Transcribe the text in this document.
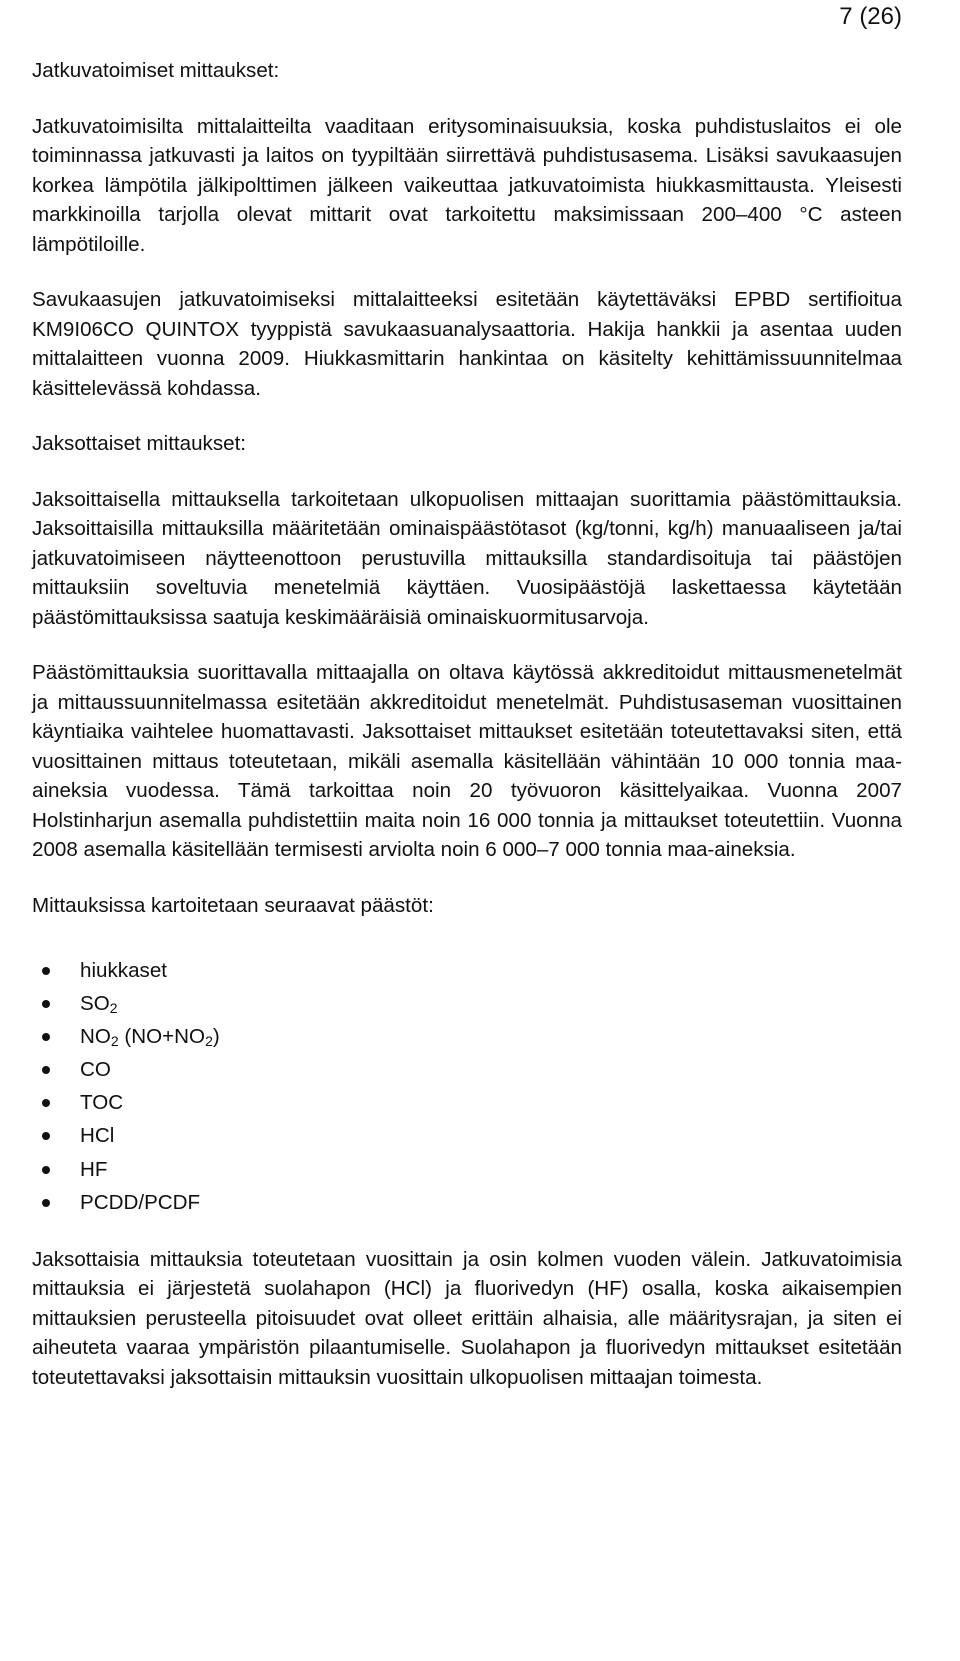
7 (26)

Jatkuvatoimiset mittaukset:

Jatkuvatoimisilta mittalaitteilta vaaditaan eritysominaisuuksia, koska puhdistuslaitos ei ole toiminnassa jatkuvasti ja laitos on tyypiltään siirrettävä puhdistusasema. Lisäksi savukaasujen korkea lämpötila jälkipolttimen jälkeen vaikeuttaa jatkuvatoimista hiukkasmittausta. Yleisesti markkinoilla tarjolla olevat mittarit ovat tarkoitettu maksimissaan 200–400 °C asteen lämpötiloille.

Savukaasujen jatkuvatoimiseksi mittalaitteeksi esitetään käytettäväksi EPBD sertifioitua KM9I06CO QUINTOX tyyppistä savukaasuanalysaattoria. Hakija hankkii ja asentaa uuden mittalaitteen vuonna 2009. Hiukkasmittarin hankintaa on käsitelty kehittämissuunnitelmaa käsittelevässä kohdassa.

Jaksottaiset mittaukset:

Jaksoittaisella mittauksella tarkoitetaan ulkopuolisen mittaajan suorittamia päästömittauksia. Jaksoittaisilla mittauksilla määritetään ominaispäästötasot (kg/tonni, kg/h) manuaaliseen ja/tai jatkuvatoimiseen näytteenottoon perustuvilla mittauksilla standardisoituja tai päästöjen mittauksiin soveltuvia menetelmiä käyttäen. Vuosipäästöjä laskettaessa käytetään päästömittauksissa saatuja keskimääräisiä ominaiskuormitusarvoja.

Päästömittauksia suorittavalla mittaajalla on oltava käytössä akkreditoidut mittausmenetelmät ja mittaussuunnitelmassa esitetään akkreditoidut menetelmät. Puhdistusaseman vuosittainen käyntiaika vaihtelee huomattavasti. Jaksottaiset mittaukset esitetään toteutettavaksi siten, että vuosittainen mittaus toteutetaan, mikäli asemalla käsitellään vähintään 10 000 tonnia maa-aineksia vuodessa. Tämä tarkoittaa noin 20 työvuoron käsittelyaikaa. Vuonna 2007 Holstinharjun asemalla puhdistettiin maita noin 16 000 tonnia ja mittaukset toteutettiin. Vuonna 2008 asemalla käsitellään termisesti arviolta noin 6 000–7 000 tonnia maa-aineksia.

Mittauksissa kartoitetaan seuraavat päästöt:

hiukkaset
$SO_2$
$NO_2$ $(NO+NO_2)$
CO
TOC
HCl
HF
PCDD/PCDF

Jaksottaisia mittauksia toteutetaan vuosittain ja osin kolmen vuoden välein. Jatkuvatoimisia mittauksia ei järjestetä suolahapon (HCl) ja fluorivedyn (HF) osalla, koska aikaisempien mittauksien perusteella pitoisuudet ovat olleet erittäin alhaisia, alle määritysrajan, ja siten ei aiheuteta vaaraa ympäristön pilaantumiselle. Suolahapon ja fluorivedyn mittaukset esitetään toteutettavaksi jaksottaisin mittauksin vuosittain ulkopuolisen mittaajan toimesta.
